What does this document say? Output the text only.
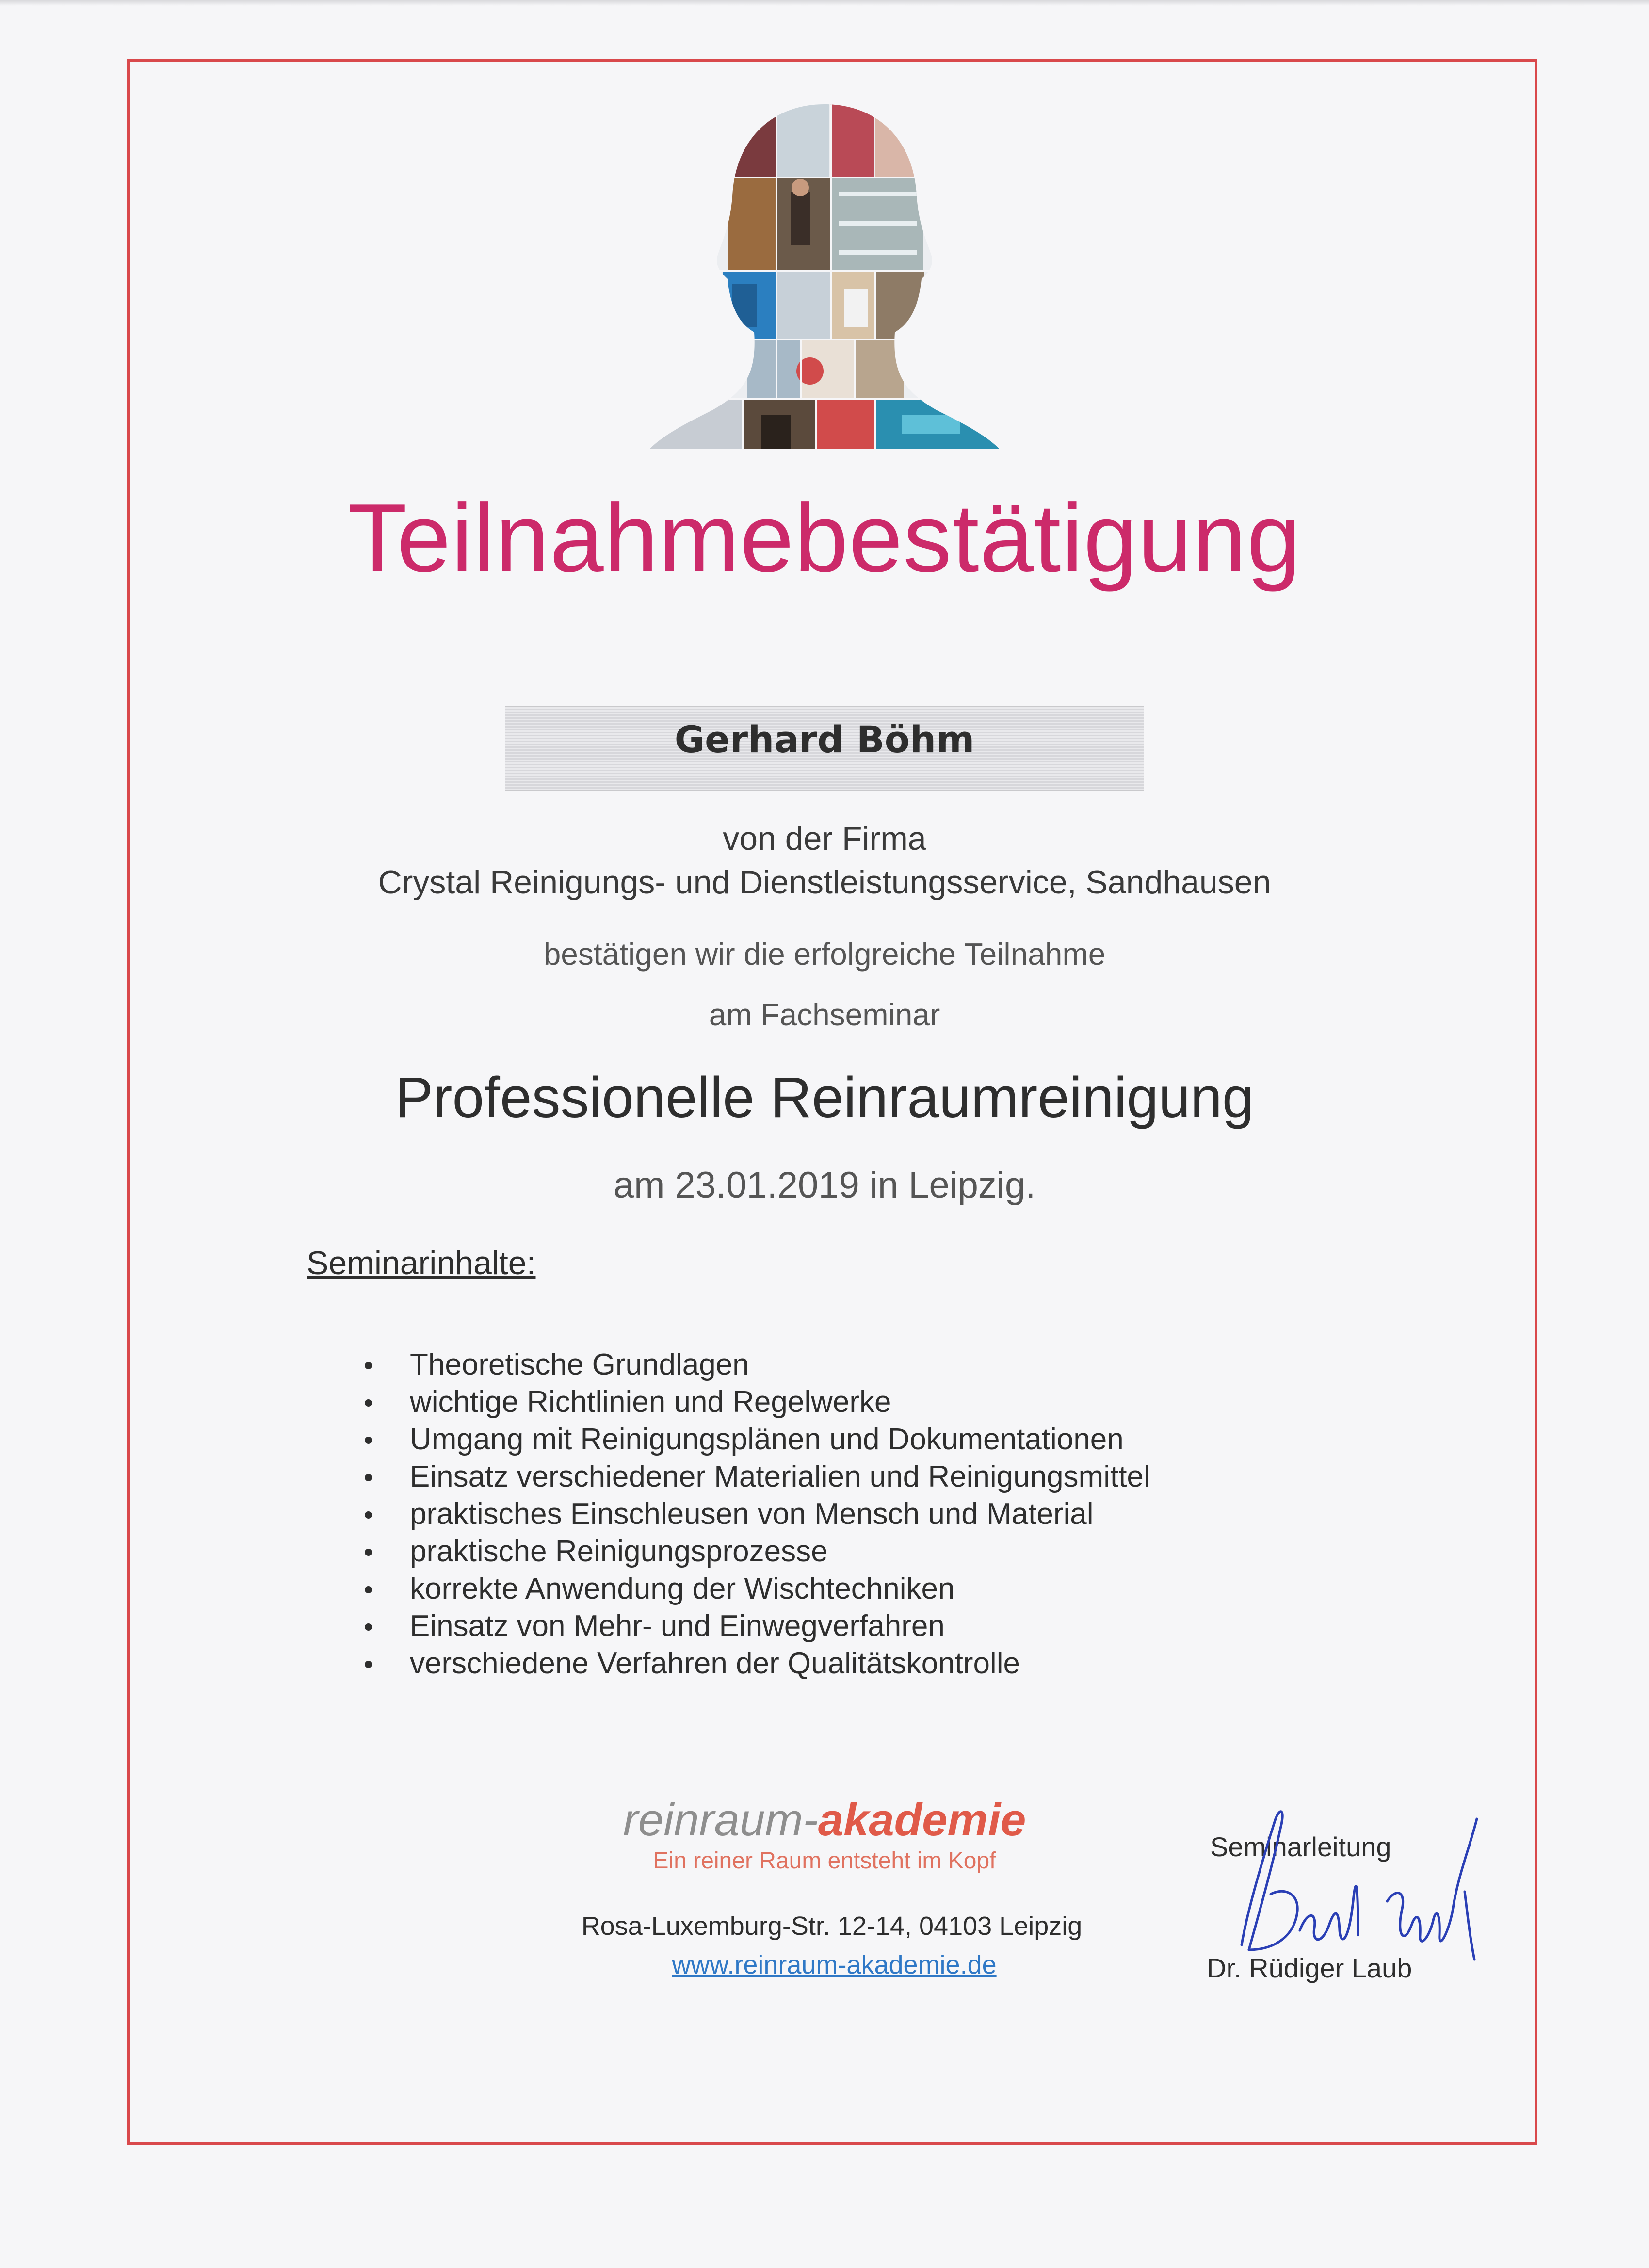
Teilnahmebestätigung
Gerhard Böhm
von der Firma
Crystal Reinigungs- und Dienstleistungsservice, Sandhausen
bestätigen wir die erfolgreiche Teilnahme
am Fachseminar
Professionelle Reinraumreinigung
am 23.01.2019 in Leipzig.
Seminarinhalte:
Theoretische Grundlagen
wichtige Richtlinien und Regelwerke
Umgang mit Reinigungsplänen und Dokumentationen
Einsatz verschiedener Materialien und Reinigungsmittel
praktisches Einschleusen von Mensch und Material
praktische Reinigungsprozesse
korrekte Anwendung der Wischtechniken
Einsatz von Mehr- und Einwegverfahren
verschiedene Verfahren der Qualitätskontrolle
reinraum-akademie
Ein reiner Raum entsteht im Kopf
Rosa-Luxemburg-Str. 12-14, 04103 Leipzig
www.reinraum-akademie.de
Seminarleitung
Dr. Rüdiger Laub
